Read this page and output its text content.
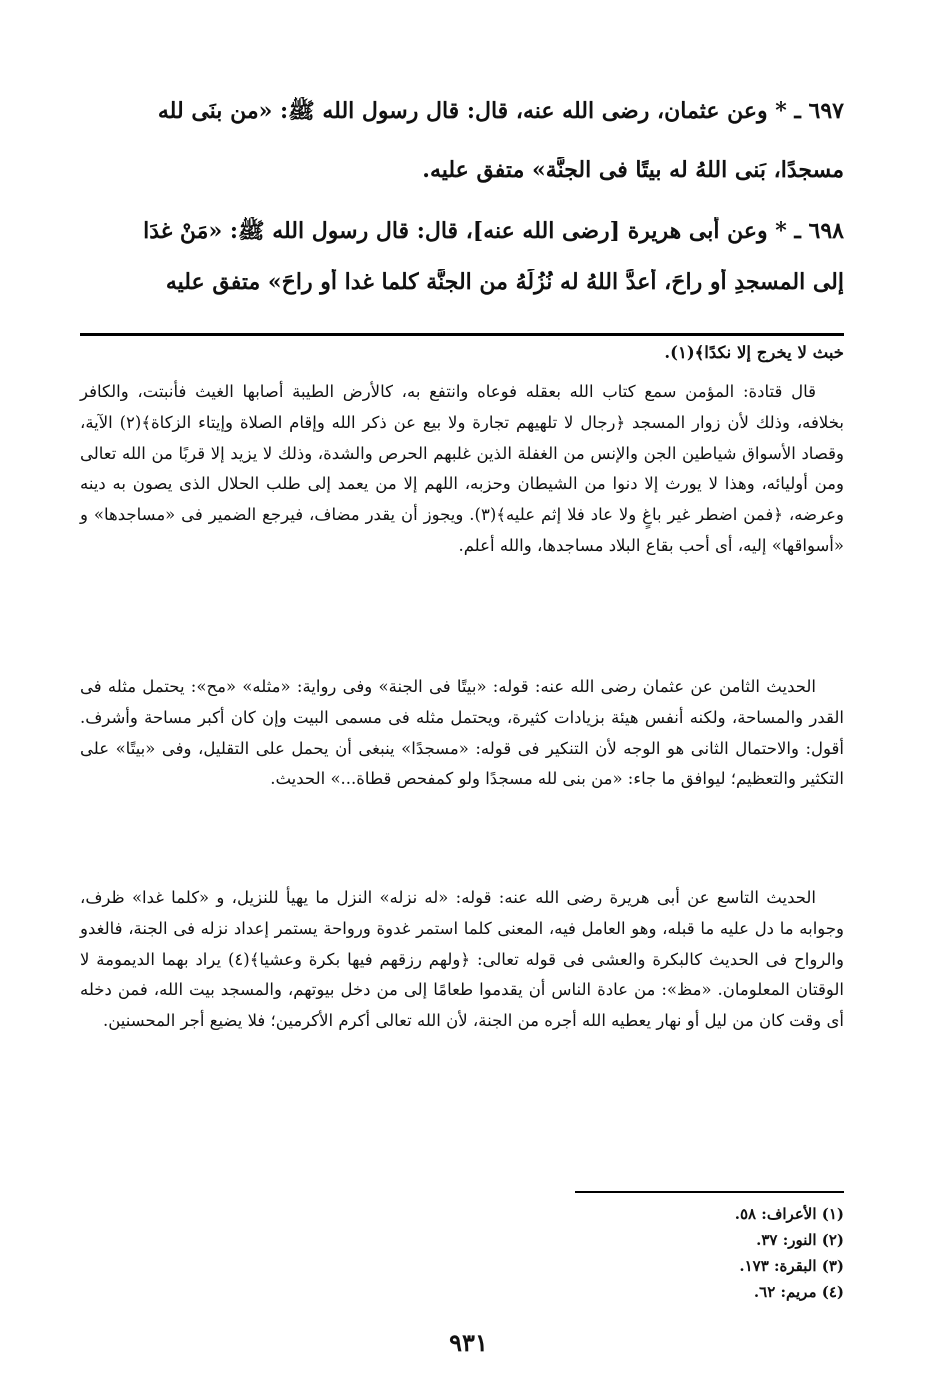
٦٩٧ ـ * وعن عثمان، رضى الله عنه، قال: قال رسول الله ﷺ: «من بنَى لله

مسجدًا، بَنى اللهُ له بيتًا فى الجنَّة» متفق عليه.

٦٩٨ ـ * وعن أبى هريرة [رضى الله عنه]، قال: قال رسول الله ﷺ: «مَنْ غدَا

إلى المسجدِ أو راحَ، أعدَّ اللهُ له نُزُلَهُ من الجنَّة كلما غدا أو راحَ» متفق عليه

خبث لا يخرج إلا نكدًا﴾(١).

قال قتادة: المؤمن سمع كتاب الله بعقله فوعاه وانتفع به، كالأرض الطيبة أصابها الغيث فأنبتت، والكافر بخلافه، وذلك لأن زوار المسجد ﴿رجال لا تلهيهم تجارة ولا بيع عن ذكر الله وإقام الصلاة وإيتاء الزكاة﴾(٢) الآية، وقصاد الأسواق شياطين الجن والإنس من الغفلة الذين غلبهم الحرص والشدة، وذلك لا يزيد إلا قربًا من الله تعالى ومن أوليائه، وهذا لا يورث إلا دنوا من الشيطان وحزبه، اللهم إلا من يعمد إلى طلب الحلال الذى يصون به دينه وعرضه، ﴿فمن اضطر غير باغٍ ولا عاد فلا إثم عليه﴾(٣). ويجوز أن يقدر مضاف، فيرجع الضمير فى «مساجدها» و «أسواقها» إليه، أى أحب بقاع البلاد مساجدها، والله أعلم.

الحديث الثامن عن عثمان رضى الله عنه: قوله: «بيتًا فى الجنة» وفى رواية: «مثله» «مح»: يحتمل مثله فى القدر والمساحة، ولكنه أنفس هيئة بزيادات كثيرة، ويحتمل مثله فى مسمى البيت وإن كان أكبر مساحة وأشرف. أقول: والاحتمال الثانى هو الوجه لأن التنكير فى قوله: «مسجدًا» ينبغى أن يحمل على التقليل، وفى «بيتًا» على التكثير والتعظيم؛ ليوافق ما جاء: «من بنى لله مسجدًا ولو كمفحص قطاة...» الحديث.

الحديث التاسع عن أبى هريرة رضى الله عنه: قوله: «له نزله» النزل ما يهيأ للنزيل، و «كلما غدا» ظرف، وجوابه ما دل عليه ما قبله، وهو العامل فيه، المعنى كلما استمر غدوة ورواحة يستمر إعداد نزله فى الجنة، فالغدو والرواح فى الحديث كالبكرة والعشى فى قوله تعالى: ﴿ولهم رزقهم فيها بكرة وعشيا﴾(٤) يراد بهما الديمومة لا الوقتان المعلومان. «مظ»: من عادة الناس أن يقدموا طعامًا إلى من دخل بيوتهم، والمسجد بيت الله، فمن دخله أى وقت كان من ليل أو نهار يعطيه الله أجره من الجنة، لأن الله تعالى أكرم الأكرمين؛ فلا يضيع أجر المحسنين.

(١) الأعراف: ٥٨.
(٢) النور: ٣٧.
(٣) البقرة: ١٧٣.
(٤) مريم: ٦٢.
٩٣١
